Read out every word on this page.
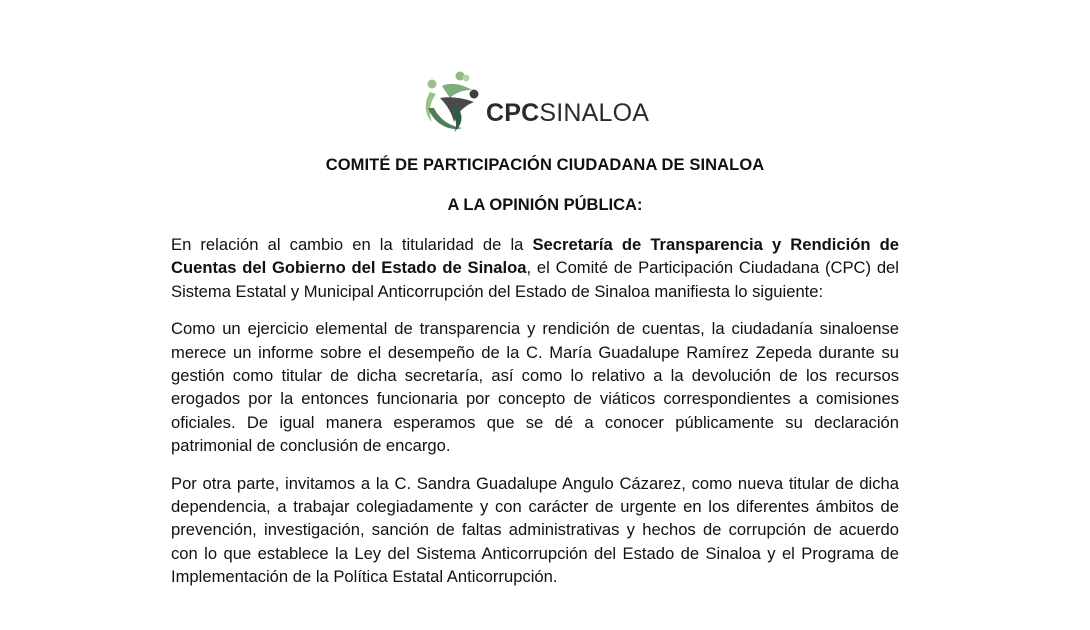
CPCSINALOA
COMITÉ DE PARTICIPACIÓN CIUDADANA DE SINALOA
A LA OPINIÓN PÚBLICA:

En relación al cambio en la titularidad de la Secretaría de Transparencia y Rendición de Cuentas del Gobierno del Estado de Sinaloa, el Comité de Participación Ciudadana (CPC) del Sistema Estatal y Municipal Anticorrupción del Estado de Sinaloa manifiesta lo siguiente:

Como un ejercicio elemental de transparencia y rendición de cuentas, la ciudadanía sinaloense merece un informe sobre el desempeño de la C. María Guadalupe Ramírez Zepeda durante su gestión como titular de dicha secretaría, así como lo relativo a la devolución de los recursos erogados por la entonces funcionaria por concepto de viáticos correspondientes a comisiones oficiales. De igual manera esperamos que se dé a conocer públicamente su declaración patrimonial de conclusión de encargo.

Por otra parte, invitamos a la C. Sandra Guadalupe Angulo Cázarez, como nueva titular de dicha dependencia, a trabajar colegiadamente y con carácter de urgente en los diferentes ámbitos de prevención, investigación, sanción de faltas administrativas y hechos de corrupción de acuerdo con lo que establece la Ley del Sistema Anticorrupción del Estado de Sinaloa y el Programa de Implementación de la Política Estatal Anticorrupción.
